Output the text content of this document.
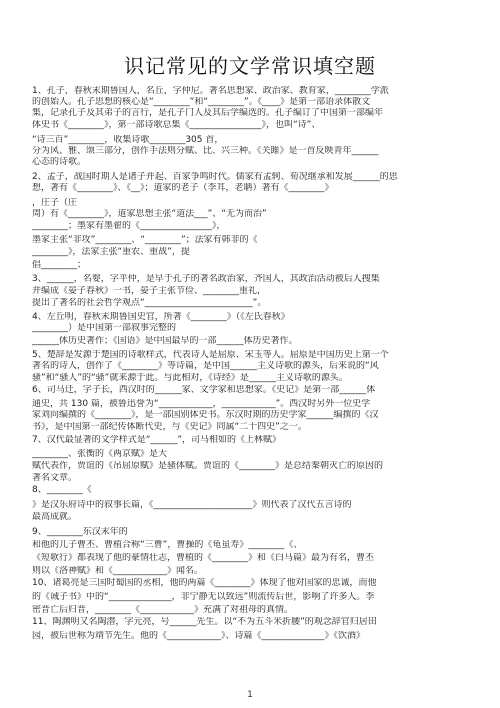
识记常见的文学常识填空题
1、孔子，春秋末期鲁国人，名丘，字仲尼。著名思想家、政治家、教育家，________学派
的创始人。孔子思想的核心是“________”和“________”。《____》是第一部语录体散文
集，记录孔子及其弟子的言行，是孔子门人及其后学编选的。孔子编订了中国第一部编年
体史书《________》，第一部诗歌总集《________________》，也叫“诗”、
“诗三百”________，收集诗歌________305 首，
分为风、雅、颂三部分，创作手法则分赋、比、兴三种。《关雎》是一首反映青年______
心态的诗歌。
2、孟子，战国时期人是诸子并起、百家争鸣时代。儒家有孟轲、荀况继承和发展______的思
想，著有《________》、《__》；道家的老子（李耳，老聃）著有《________》
，庄子（庄
周）有《________》，道家思想主张“道法___”、“无为而治”
________；墨家有墨翟的《________________》，
墨家主张“非攻”________、“________”；法家有韩非的《
________》，法家主张“重农、重战”，提
倡________；
3、______，名婴，字平仲，是早于孔子的著名政治家，齐国人，其政治活动被后人搜集
并编成《晏子春秋》一书，晏子主张节俭、________重礼，
提出了著名的社会哲学观点“________________________”。
4、左丘明，春秋末期鲁国史官，所著《________》（《左氏春秋》
________）是中国第一部叙事完整的
______体历史著作；《国语》是中国最早的一部______体历史著作。
5、楚辞是发源于楚国的诗歌样式，代表诗人是屈原、宋玉等人。屈原是中国历史上第一个
著名的诗人，创作了《________》等诗篇，是中国______主义诗歌的源头，后来说的“风
骚”和“骚人”的“骚”就来源于此。与此相对，《诗经》是______主义诗歌的源头。
6、司马迁，字子长，西汉时的______家、文学家和思想家。《史记》是第一部______体
通史，共 130 篇，被鲁迅誉为“____________，____________”。西汉时另外一位史学
家刘向编撰的《________》，是一部国别体史书。东汉时期的历史学家______编撰的《汉
书》，是中国第一部纪传体断代史，与《史记》同属“二十四史”之一。
7、汉代最显著的文学样式是“______”，司马相如的《上林赋》
________、张衡的《两京赋》是大
赋代表作，贾谊的《吊屈原赋》是骚体赋。贾谊的《________》是总结秦朝灭亡的原因的
著名文章。
8、________《
》是汉乐府诗中的叙事长篇，《______________________》则代表了汉代五言诗的
最高成就。
9、________东汉末年的
和他的儿子曹丕、曹植合称“三曹”，曹操的《龟虽寿》________《、
《短歌行》都表现了他的豪情壮志，曹植的《________》和《白马篇》最为有名，曹丕
则以《洛神赋》和《____________》闻名。
10、诸葛亮是三国时蜀国的丞相，他的两篇《________》体现了他对国家的忠诚，而他
的《诫子书》中的“______________，非宁静无以致远”则流传后世，影响了许多人。李
密晋亡后归晋，________《____________》充满了对祖母的真情。
11、陶渊明又名陶潜，字元亮，号______先生。以“不为五斗米折腰”的观念辞官归居田
园，被后世称为靖节先生。他的《____________》、诗篇《______________》《饮酒》
1
